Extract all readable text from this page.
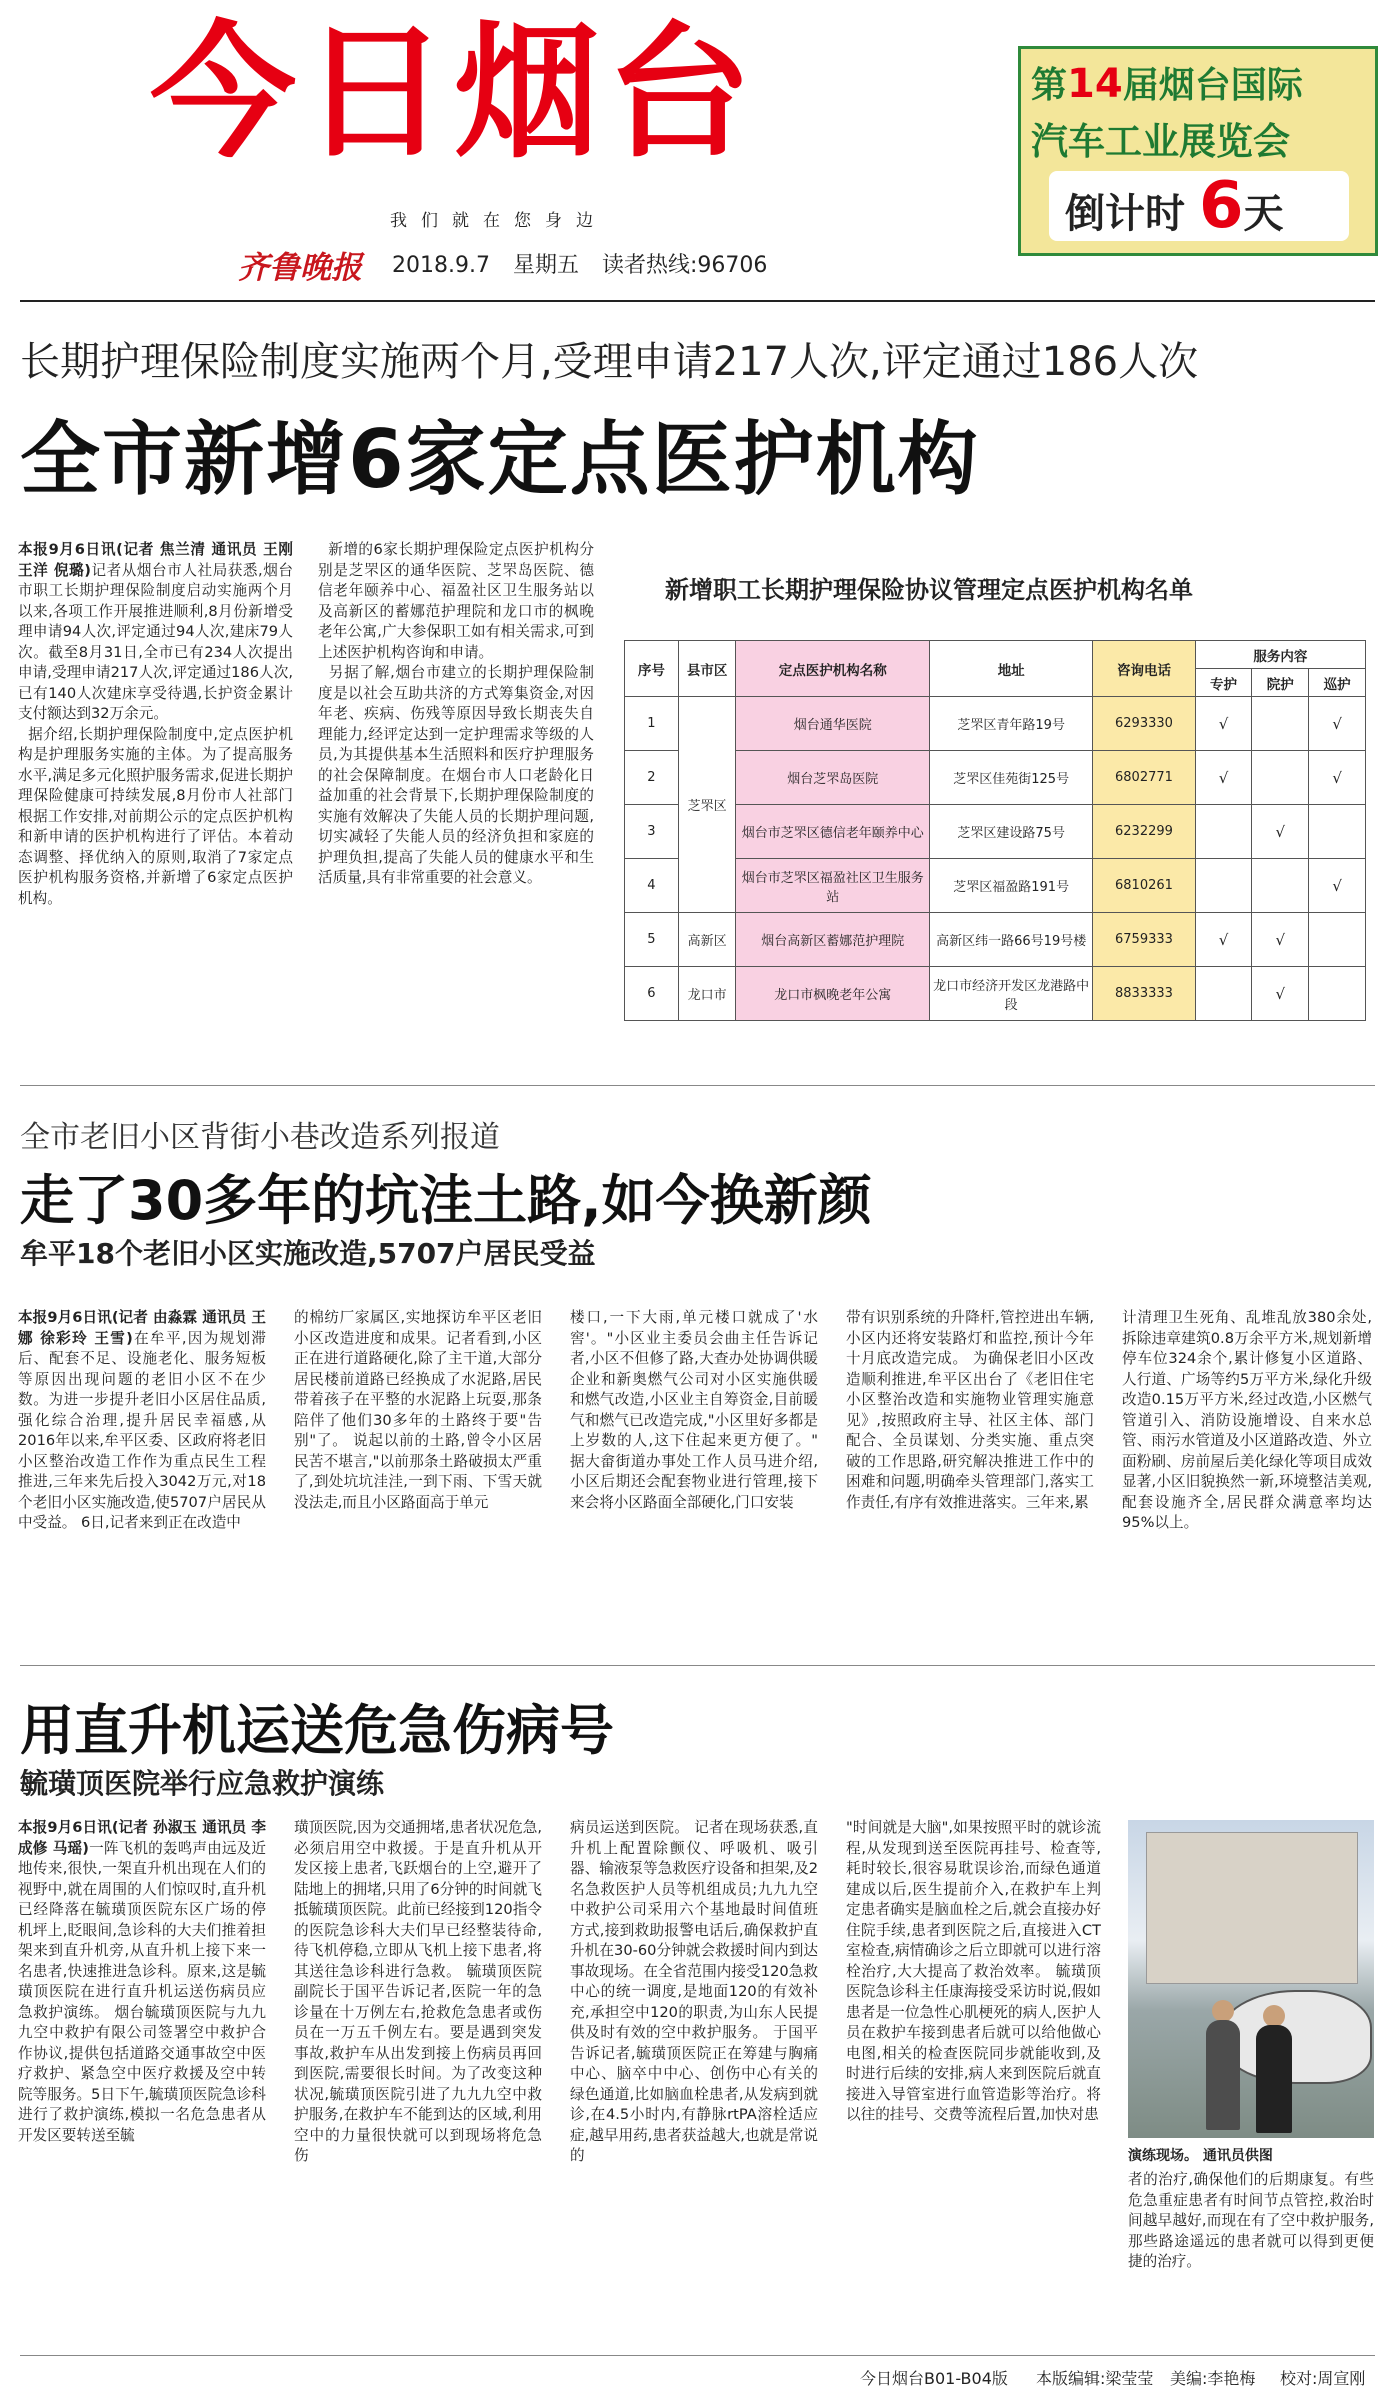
今日烟台
我们就在您身边
齐鲁晚报 2018.9.7 星期五 读者热线:96706
第14届烟台国际
汽车工业展览会
倒计时 6天
长期护理保险制度实施两个月,受理申请217人次,评定通过186人次
全市新增6家定点医护机构
本报9月6日讯(记者 焦兰清 通讯员 王刚 王洋 倪璐)记者从烟台市人社局获悉,烟台市职工长期护理保险制度启动实施两个月以来,各项工作开展推进顺利,8月份新增受理申请94人次,评定通过94人次,建床79人次。截至8月31日,全市已有234人次提出申请,受理申请217人次,评定通过186人次,已有140人次建床享受待遇,长护资金累计支付额达到32万余元。
据介绍,长期护理保险制度中,定点医护机构是护理服务实施的主体。为了提高服务水平,满足多元化照护服务需求,促进长期护理保险健康可持续发展,8月份市人社部门根据工作安排,对前期公示的定点医护机构和新申请的医护机构进行了评估。本着动态调整、择优纳入的原则,取消了7家定点医护机构服务资格,并新增了6家定点医护机构。
新增的6家长期护理保险定点医护机构分别是芝罘区的通华医院、芝罘岛医院、德信老年颐养中心、福盈社区卫生服务站以及高新区的蓄娜范护理院和龙口市的枫晚老年公寓,广大参保职工如有相关需求,可到上述医护机构咨询和申请。
另据了解,烟台市建立的长期护理保险制度是以社会互助共济的方式筹集资金,对因年老、疾病、伤残等原因导致长期丧失自理能力,经评定达到一定护理需求等级的人员,为其提供基本生活照料和医疗护理服务的社会保障制度。在烟台市人口老龄化日益加重的社会背景下,长期护理保险制度的实施有效解决了失能人员的长期护理问题,切实减轻了失能人员的经济负担和家庭的护理负担,提高了失能人员的健康水平和生活质量,具有非常重要的社会意义。
新增职工长期护理保险协议管理定点医护机构名单
序号	县市区	定点医护机构名称	地址	咨询电话	服务内容		
					专护	院护	巡护
1	芝罘区	烟台通华医院	芝罘区青年路19号	6293330	√		√
2		烟台芝罘岛医院	芝罘区佳苑街125号	6802771	√		√
3		烟台市芝罘区德信老年颐养中心	芝罘区建设路75号	6232299		√	
4		烟台市芝罘区福盈社区卫生服务站	芝罘区福盈路191号	6810261			√
5	高新区	烟台高新区蓄娜范护理院	高新区纬一路66号19号楼	6759333	√	√	
6	龙口市	龙口市枫晚老年公寓	龙口市经济开发区龙港路中段	8833333		√	
全市老旧小区背街小巷改造系列报道
走了30多年的坑洼土路,如今换新颜
牟平18个老旧小区实施改造,5707户居民受益
本报9月6日讯(记者 由淼霖 通讯员 王娜 徐彩玲 王雪)在牟平,因为规划滞后、配套不足、设施老化、服务短板等原因出现问题的老旧小区不在少数。为进一步提升老旧小区居住品质,强化综合治理,提升居民幸福感,从2016年以来,牟平区委、区政府将老旧小区整治改造工作作为重点民生工程推进,三年来先后投入3042万元,对18个老旧小区实施改造,使5707户居民从中受益。 6日,记者来到正在改造中
的棉纺厂家属区,实地探访牟平区老旧小区改造进度和成果。记者看到,小区正在进行道路硬化,除了主干道,大部分居民楼前道路已经换成了水泥路,居民带着孩子在平整的水泥路上玩耍,那条陪伴了他们30多年的土路终于要"告别"了。 说起以前的土路,曾令小区居民苦不堪言,"以前那条土路破损太严重了,到处坑坑洼洼,一到下雨、下雪天就没法走,而且小区路面高于单元
楼口,一下大雨,单元楼口就成了'水窖'。"小区业主委员会曲主任告诉记者,小区不但修了路,大查办处协调供暖企业和新奥燃气公司对小区实施供暖和燃气改造,小区业主自筹资金,目前暖气和燃气已改造完成,"小区里好多都是上岁数的人,这下住起来更方便了。" 据大畲街道办事处工作人员马进介绍,小区后期还会配套物业进行管理,接下来会将小区路面全部硬化,门口安装
带有识别系统的升降杆,管控进出车辆,小区内还将安装路灯和监控,预计今年十月底改造完成。 为确保老旧小区改造顺利推进,牟平区出台了《老旧住宅小区整治改造和实施物业管理实施意见》,按照政府主导、社区主体、部门配合、全员谋划、分类实施、重点突破的工作思路,研究解决推进工作中的困难和问题,明确牵头管理部门,落实工作责任,有序有效推进落实。三年来,累
计清理卫生死角、乱堆乱放380余处,拆除违章建筑0.8万余平方米,规划新增停车位324余个,累计修复小区道路、人行道、广场等约5万平方米,绿化升级改造0.15万平方米,经过改造,小区燃气管道引入、消防设施增设、自来水总管、雨污水管道及小区道路改造、外立面粉刷、房前屋后美化绿化等项目成效显著,小区旧貌换然一新,环境整洁美观,配套设施齐全,居民群众满意率均达95%以上。
用直升机运送危急伤病号
毓璜顶医院举行应急救护演练
本报9月6日讯(记者 孙淑玉 通讯员 李成修 马瑶)一阵飞机的轰鸣声由远及近地传来,很快,一架直升机出现在人们的视野中,就在周围的人们惊叹时,直升机已经降落在毓璜顶医院东区广场的停机坪上,眨眼间,急诊科的大夫们推着担架来到直升机旁,从直升机上接下来一名患者,快速推进急诊科。原来,这是毓璜顶医院在进行直升机运送伤病员应急救护演练。 烟台毓璜顶医院与九九九空中救护有限公司签署空中救护合作协议,提供包括道路交通事故空中医疗救护、紧急空中医疗救援及空中转院等服务。5日下午,毓璜顶医院急诊科进行了救护演练,模拟一名危急患者从开发区要转送至毓
璜顶医院,因为交通拥堵,患者状况危急,必须启用空中救援。于是直升机从开发区接上患者,飞跃烟台的上空,避开了陆地上的拥堵,只用了6分钟的时间就飞抵毓璜顶医院。此前已经接到120指令的医院急诊科大夫们早已经整装待命,待飞机停稳,立即从飞机上接下患者,将其送往急诊科进行急救。 毓璜顶医院副院长于国平告诉记者,医院一年的急诊量在十万例左右,抢救危急患者或伤员在一万五千例左右。要是遇到突发事故,救护车从出发到接上伤病员再回到医院,需要很长时间。为了改变这种状况,毓璜顶医院引进了九九九空中救护服务,在救护车不能到达的区域,利用空中的力量很快就可以到现场将危急伤
病员运送到医院。 记者在现场获悉,直升机上配置除颤仪、呼吸机、吸引器、输液泵等急救医疗设备和担架,及2名急救医护人员等机组成员;九九九空中救护公司采用六个基地最时间值班方式,接到救助报警电话后,确保救护直升机在30-60分钟就会救援时间内到达事故现场。在全省范围内接受120急救中心的统一调度,是地面120的有效补充,承担空中120的职责,为山东人民提供及时有效的空中救护服务。 于国平告诉记者,毓璜顶医院正在筹建与胸痛中心、脑卒中中心、创伤中心有关的绿色通道,比如脑血栓患者,从发病到就诊,在4.5小时内,有静脉rtPA溶栓适应症,越早用药,患者获益越大,也就是常说的
"时间就是大脑",如果按照平时的就诊流程,从发现到送至医院再挂号、检查等,耗时较长,很容易耽误诊治,而绿色通道建成以后,医生提前介入,在救护车上判定患者确实是脑血栓之后,就会直接办好住院手续,患者到医院之后,直接进入CT室检查,病情确诊之后立即就可以进行溶栓治疗,大大提高了救治效率。 毓璜顶医院急诊科主任康海接受采访时说,假如患者是一位急性心肌梗死的病人,医护人员在救护车接到患者后就可以给他做心电图,相关的检查医院同步就能收到,及时进行后续的安排,病人来到医院后就直接进入导管室进行血管造影等治疗。将以往的挂号、交费等流程后置,加快对患
演练现场。 通讯员供图
者的治疗,确保他们的后期康复。有些危急重症患者有时间节点管控,救治时间越早越好,而现在有了空中救护服务,那些路途遥远的患者就可以得到更便捷的治疗。
今日烟台B01-B04版 本版编辑:梁莹莹 美编:李艳梅 校对:周宣刚
